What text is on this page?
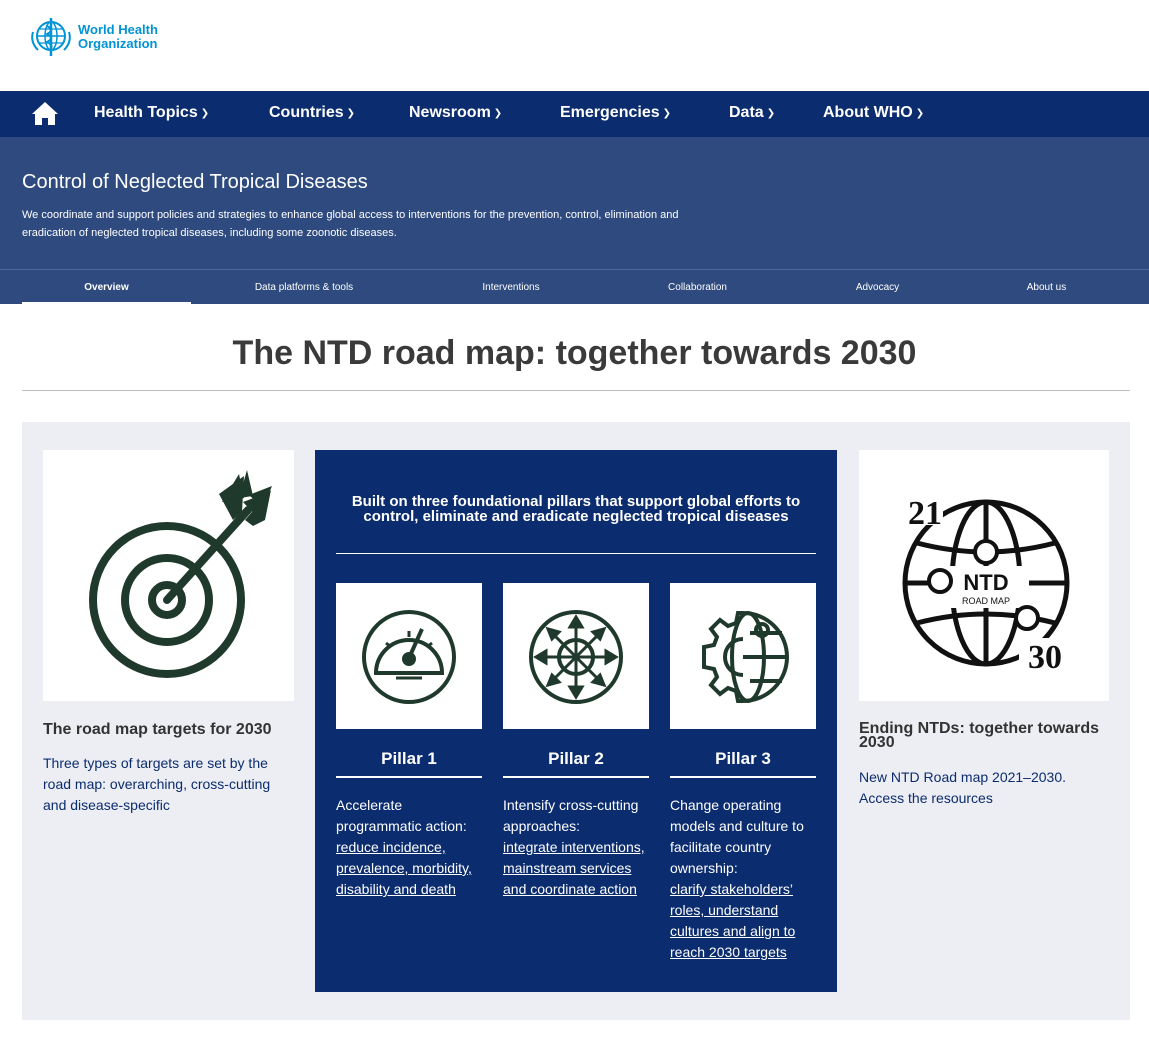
World Health
Organization
Health Topics ❯	Countries ❯	Newsroom ❯	Emergencies ❯	Data ❯	About WHO ❯
Control of Neglected Tropical Diseases

We coordinate and support policies and strategies to enhance global access to interventions for the prevention, control, elimination and eradication of neglected tropical diseases, including some zoonotic diseases.

Overview	Data platforms & tools	Interventions	Collaboration	Advocacy	About us
The NTD road map: together towards 2030
The road map targets for 2030
Three types of targets are set by the road map: overarching, cross-cutting and disease-specific
Built on three foundational pillars that support global efforts to control, eliminate and eradicate neglected tropical diseases
Pillar 1
Accelerate programmatic action:
reduce incidence, prevalence, morbidity, disability and death
Pillar 2
Intensify cross-cutting approaches:
integrate interventions, mainstream services and coordinate action
Pillar 3
Change operating models and culture to facilitate country ownership:
clarify stakeholders’ roles, understand cultures and align to reach 2030 targets
NTD
ROAD MAP
21
30
Ending NTDs: together towards 2030
New NTD Road map 2021–2030. Access the resources
